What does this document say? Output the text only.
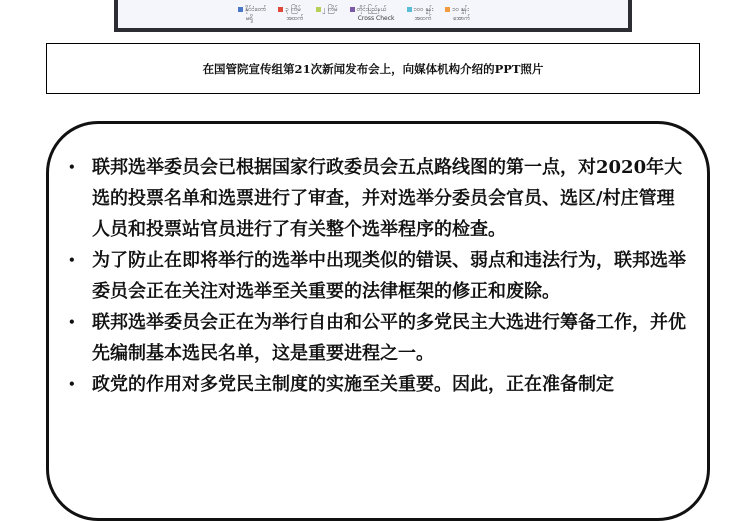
နိုင်ငံတော်
မရှိ
၃ ကြိမ်
အထက်
၂ ကြိမ်	တိုင်းပြည်နယ်
Cross Check
၁၀၀ နှုန်း
အထက်
၁၀ နှုန်း
အောက်
在国管院宣传组第21次新闻发布会上，向媒体机构介绍的PPT照片
• 联邦选举委员会已根据国家行政委员会五点路线图的第一点，对2020年大选的投票名单和选票进行了审查，并对选举分委员会官员、选区/村庄管理人员和投票站官员进行了有关整个选举程序的检查。
• 为了防止在即将举行的选举中出现类似的错误、弱点和违法行为，联邦选举委员会正在关注对选举至关重要的法律框架的修正和废除。
• 联邦选举委员会正在为举行自由和公平的多党民主大选进行筹备工作，并优先编制基本选民名单，这是重要进程之一。
• 政党的作用对多党民主制度的实施至关重要。因此，正在准备制定
